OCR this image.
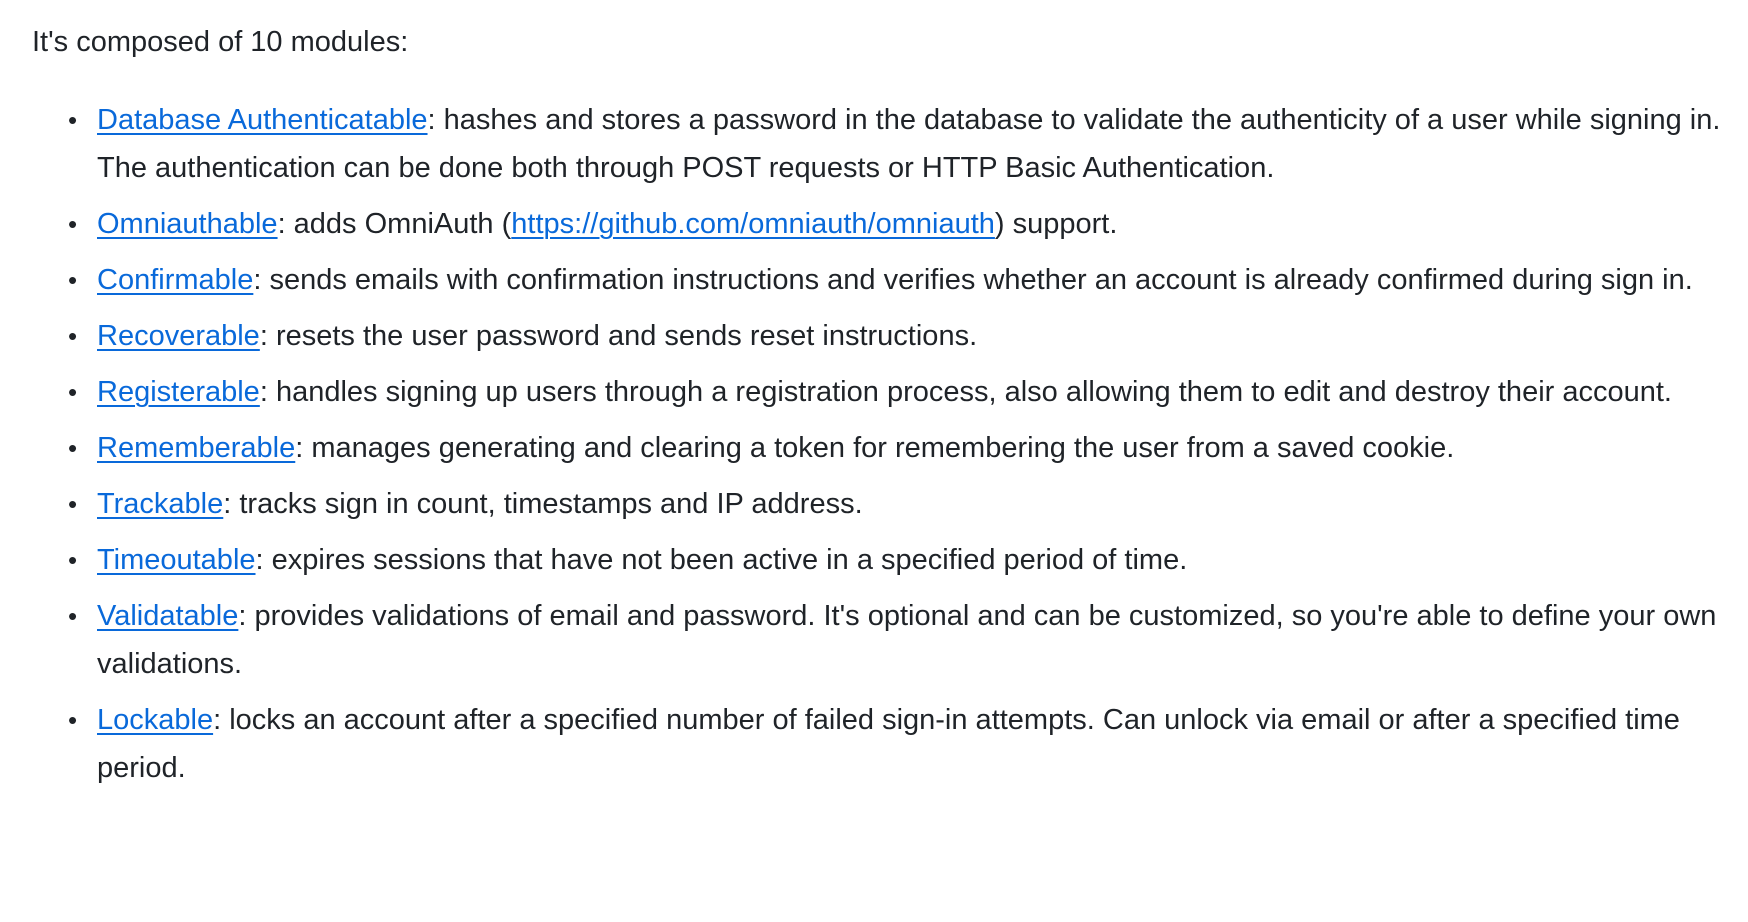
It's composed of 10 modules:

• Database Authenticatable: hashes and stores a password in the database to validate the authenticity of a user while signing in. The authentication can be done both through POST requests or HTTP Basic Authentication.
• Omniauthable: adds OmniAuth (https://github.com/omniauth/omniauth) support.
• Confirmable: sends emails with confirmation instructions and verifies whether an account is already confirmed during sign in.
• Recoverable: resets the user password and sends reset instructions.
• Registerable: handles signing up users through a registration process, also allowing them to edit and destroy their account.
• Rememberable: manages generating and clearing a token for remembering the user from a saved cookie.
• Trackable: tracks sign in count, timestamps and IP address.
• Timeoutable: expires sessions that have not been active in a specified period of time.
• Validatable: provides validations of email and password. It's optional and can be customized, so you're able to define your own validations.
• Lockable: locks an account after a specified number of failed sign-in attempts. Can unlock via email or after a specified time period.
